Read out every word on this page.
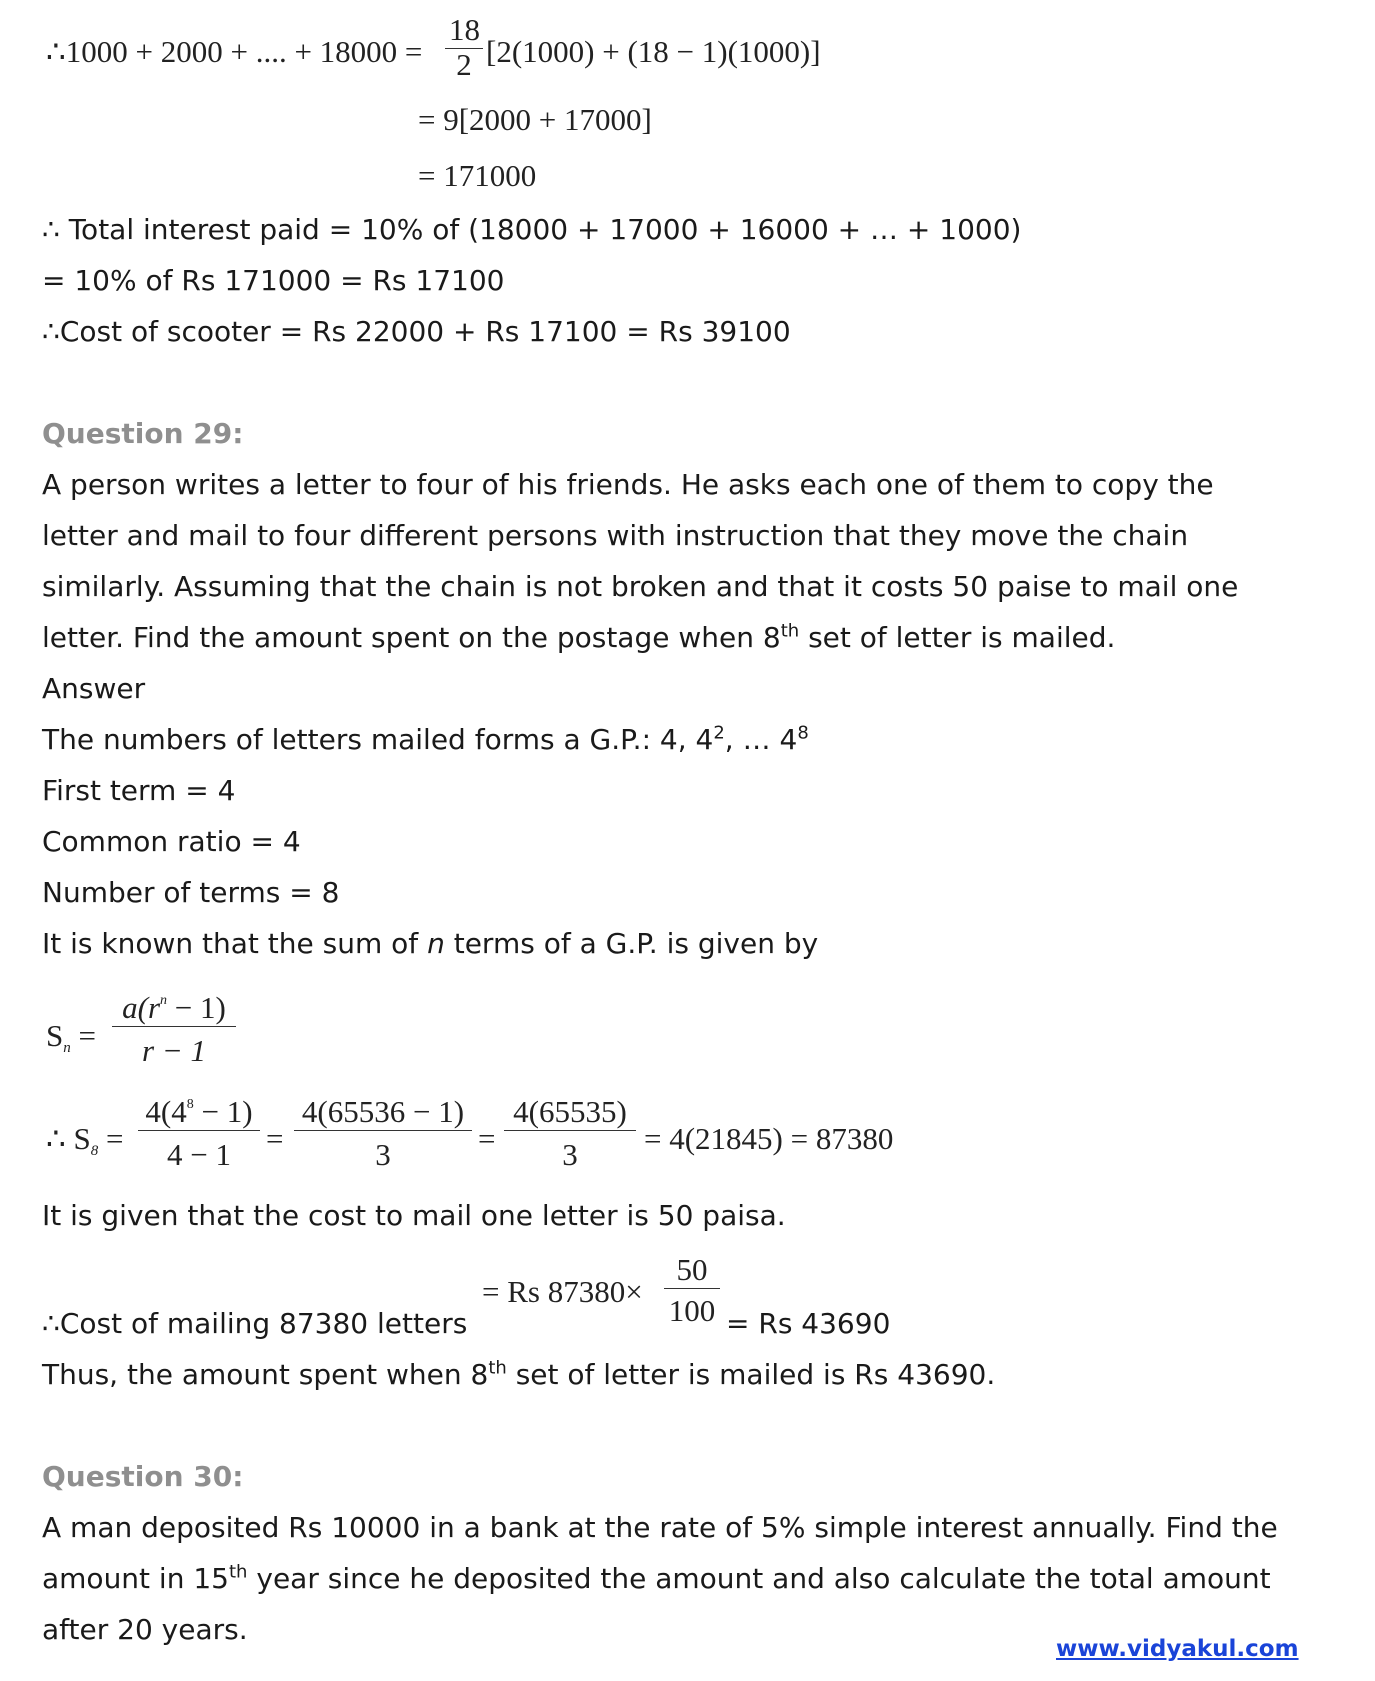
∴1000 + 2000 + .... + 18000 =
18
2 [2(1000) + (18 − 1)(1000)]
= 9[2000 + 17000]
= 171000
∴ Total interest paid = 10% of (18000 + 17000 + 16000 + … + 1000)
= 10% of Rs 171000 = Rs 17100
∴Cost of scooter = Rs 22000 + Rs 17100 = Rs 39100
Question 29:
A person writes a letter to four of his friends. He asks each one of them to copy the
letter and mail to four different persons with instruction that they move the chain
similarly. Assuming that the chain is not broken and that it costs 50 paise to mail one
letter. Find the amount spent on the postage when 8th set of letter is mailed.
Answer
The numbers of letters mailed forms a G.P.: 4, $4^2$, … $4^8$
First term = 4
Common ratio = 4
Number of terms = 8
It is known that the sum of n terms of a G.P. is given by
$S_n$ =
$a(r^n - 1)$
r − 1
∴ $S_8$ =
$4(4^8 - 1)$
4 − 1	=
4(65536 − 1)
3	=
4(65535)
3	= 4(21845) = 87380
It is given that the cost to mail one letter is 50 paisa.
= Rs 87380×
50
100
∴Cost of mailing 87380 letters	= Rs 43690
Thus, the amount spent when 8th set of letter is mailed is Rs 43690.
Question 30:
A man deposited Rs 10000 in a bank at the rate of 5% simple interest annually. Find the
amount in 15th year since he deposited the amount and also calculate the total amount
after 20 years.
www.vidyakul.com
